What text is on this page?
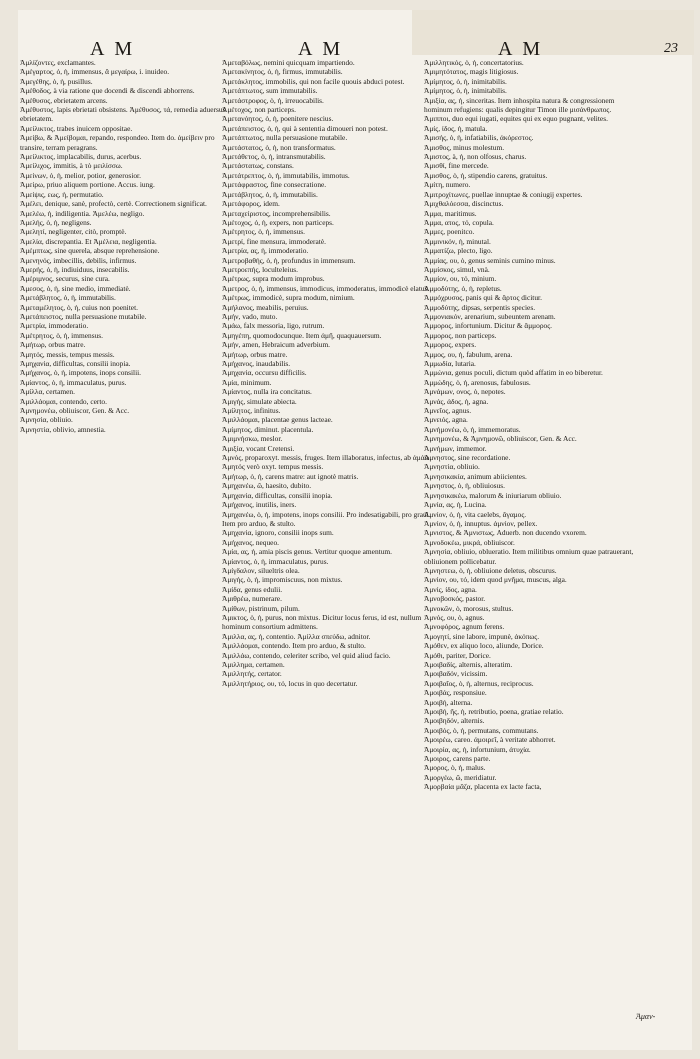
A M	A M	A M	23

Ἀμλίζοντες, exclamantes.

Ἀμέγαρτος, ὁ, ἡ, immensus, ἃ μεγαίρω, i. inuideo.

Ἀμεγέθης, ὁ, ἡ, pusillus.

Ἀμέθοδος, à via ratione que docendi & discendi abhorrens.

Ἀμέθυσος, ebrietatem arcens.

Ἀμέθυστος, lapis ebrietati obsistens. Ἀμέθυσος, τά, remedia aduersus ebrietatem.

Ἀμείλικτος, trabes inuicem oppositae.

Ἀμείβω, & Ἀμείβομαι, repando, respondeo. Item do. ἀμείβειν pro transire, terram peragrans.

Ἀμείλικτος, implacabilis, durus, acerbus.

Ἀμείλιχος, immitis, à τὸ μειλίσσω.

Ἀμείνων, ὁ, ἡ, melior, potior, generosior.

Ἀμείρω, priuo aliquem portione. Accus. iung.

Ἀμείψις, εως, ἡ, permutatio.

Ἀμέλει, denique, sanè, profectò, certè. Correctionem significat.

Ἀμελέω, ἡ, indiligentia. Ἀμελέω, negligo.

Ἀμελής, ὁ, ἡ, negligens.

Ἀμελητί, negligenter, citò, promptè.

Ἀμελία, discrepantia. Et Ἀμέλεια, negligentia.

Ἀμέμπτως, sine querela, absque reprehensione.

Ἀμενηνός, imbecillis, debilis, infirmus.

Ἀμερής, ὁ, ἡ, indiuiduus, insecabilis.

Ἀμέριμνος, securus, sine cura.

Ἀμεσος, ὁ, ἡ, sine medio, immediatè.

Ἀμετάβλητος, ὁ, ἡ, immutabilis.

Ἀμεταμέλητος, ὁ, ἡ, cuius non poenitet.

Ἀμετάπειστος, nulla persuasione mutabile.

Ἀμετρία, immoderatio.

Ἀμέτρητος, ὁ, ἡ, immensus.

Ἀμήτωρ, orbus matre.

Ἀμητός, messis, tempus messis.

Ἀμηχανία, difficultas, consilii inopia.

Ἀμήχανος, ὁ, ἡ, impotens, inops consilii.

Ἀμίαντος, ὁ, ἡ, immaculatus, purus.

Ἀμίλλα, certamen.

Ἀμιλλάομαι, contendo, certo.

Ἀμνημονέω, obliuiscor, Gen. & Acc.

Ἀμνησία, obliuio.

Ἀμνηστία, oblivio, amnestia.

Ἀμεταβόλως, nemini quicquam impartiendo.

Ἀμετακίνητος, ὁ, ἡ, firmus, immutabilis.

Ἀμετάκλητος, immobilis, qui non facile quouis abduci potest.

Ἀμετάπτωτος, sum immutabilis.

Ἀμετάστροφος, ὁ, ἡ, irreuocabilis.

Ἀμέτοχος, non particeps.

Ἀμετανόητος, ὁ, ἡ, poenitere nescius.

Ἀμετάπειστος, ὁ, ἡ, qui à sententia dimoueri non potest.

Ἀμετάπτωτος, nulla persuasione mutabile.

Ἀμετάστατος, ὁ, ἡ, non transformatus.

Ἀμετάθετος, ὁ, ἡ, intransmutabilis.

Ἀμετάστατως, constans.

Ἀμετάτρεπτος, ὁ, ἡ, immutabilis, immotus.

Ἀμετάφραστος, fine consecratione.

Ἀμετάβλητος, ὁ, ἡ, immutabilis.

Ἀμετάφορος, idem.

Ἀμεταχείριστος, incomprehensibilis.

Ἀμέτοχος, ὁ, ἡ, expers, non particeps.

Ἀμέτρητος, ὁ, ἡ, immensus.

Ἀμετρί, fine mensura, immoderatè.

Ἀμετρία, ας, ἡ, immoderatio.

Ἀμετροβαθής, ὁ, ἡ, profundus in immensum.

Ἀμετροεπής, loculteleius.

Ἀμέτρως, supra modum improbus.

Ἀμετρος, ὁ, ἡ, immensus, immodicus, immoderatus, immodicè elatus.

Ἀμέτρως, immodicè, supra modum, nimium.

Ἀμήλανος, meabilis, peruius.

Ἀμήν, vado, muto.

Ἀμάω, falx messoria, ligo, rutrum.

Ἀμηγέπη, quomodocunque. Item ἀμῆ, quaquauersum.

Ἀμήν, amen, Hebraicum adverbium.

Ἀμήτωρ, orbus matre.

Ἀμήχανος, inaudabilis.

Ἀμηχανία, occursu difficilis.

Ἀμία, minimum.

Ἀμίαντος, nulla ira concitatus.

Ἀμιγής, simulate abiecta.

Ἀμίλητος, infinitus.

Ἀμιλλάομαι, placentae genus lacteae.

Ἀμίμητος, diminut. placentula.

Ἀμιμνήσκω, meslor.

Ἀμιξία, vocant Cretensi.

Ἀμνός, proparoxyt. messis, fruges. Item illaboratus, infectus, ab ἀμάω. Ἀμητός verò oxyt. tempus messis.

Ἀμήτωρ, ὁ, ἡ, carens matre: aut ignotè matris.

Ἀμηχανέω, ῶ, haesito, dubito.

Ἀμηχανία, difficultas, consilii inopia.

Ἀμήχανος, inutilis, iners.

Ἀμηχανέω, ὁ, ἡ, impotens, inops consilii. Pro indesatigabili, pro graui. Item pro arduo, & stulto.

Ἀμηχανία, ignoro, consilii inops sum.

Ἀμήχανος, nequeo.

Ἀμία, ας, ἡ, amia piscis genus. Vertitur quoque amentum.

Ἀμίαντος, ὁ, ἡ, immaculatus, purus.

Ἀμίγδαλον, silueltris olea.

Ἀμιγής, ὁ, ἡ, impromiscuus, non mixtus.

Ἀμίδα, genus edulii.

Ἀμιθρέω, numerare.

Ἀμίθων, pistrinum, pilum.

Ἀμικτος, ὁ, ἡ, purus, non mixtus. Dicitur locus ferus, id est, nullum hominum consortium admittens.

Ἀμιλλα, ας, ἡ, contentio. Ἀμίλλα σπεύδω, adnitor.

Ἀμιλλάομαι, contendo. Item pro arduo, & stulto.

Ἀμιλλάω, contendo, celeriter scribo, vel quid aliud facio.

Ἀμιλλημα, certamen.

Ἀμιλλητής, certator.

Ἀμιλλητήριος, ου, τό, locus in quo decertatur.

Ἀμιλλητικός, ὁ, ἡ, concertatorius.

Ἀμιμητότατος, magis litigiosus.

Ἀμίμητος, ὁ, ἡ, inimitabilis.

Ἀμίμητος, ὁ, ἡ, inimitabilis.

Ἀμιξία, ας, ἡ, sinceritas. Item inhospita natura & congressionem hominum refugiens: qualis depingitur Timon ille μισάνθρωπος.

Ἀμιπποι, duo equi iugati, equites qui ex equo pugnant, velites.

Ἀμίς, ίδος, ἡ, matula.

Ἀμισής, ὁ, ἡ, infatiabilis, ἀκόρεστος.

Ἀμισθος, minus molestum.

Ἀμιστος, à, ἡ, non olfosus, charus.

Ἀμισθί, fine mercede.

Ἀμισθος, ὁ, ἡ, stipendio carens, gratuitus.

Ἀμίτη, numero.

Ἀμιτροχίτωνες, puellae innuptae & coniugij expertes.

Ἀμιχθαλόεσσα, discinctus.

Ἀμμα, maritimus.

Ἀμμα, ατος, τό, copula.

Ἀμμες, poenitco.

Ἀμμινικόν, ἡ, minutal.

Ἀμματίζω, plecto, ligo.

Ἀμμίας, ου, ὁ, genus seminis cumino minus.

Ἀμμίσκος, simul, vnà.

Ἀμμίον, ου, τό, minium.

Ἀμμοδύτης, ὁ, ἡ, repletus.

Ἀμμόχρυσος, panis qui & ἄρτος dicitur.

Ἀμμοδύτης, dipsas, serpentis species.

Ἀμμονιακόν, arenarium, subeuntem arenam.

Ἀμμορος, infortunium. Dicitur & ἄμμορος.

Ἀμμορος, non particeps.

Ἀμμορος, expers.

Ἀμμος, ου, ἡ, fabulum, arena.

Ἀμμωδία, lutaria.

Ἀμμώνια, genus poculi, dictum quòd affatim in eo biberetur.

Ἀμμώδης, ὁ, ἡ, arenosus, fabulosus.

Ἀμνάμων, ονος, ὁ, nepotes.

Ἀμνάς, άδος, ἡ, agna.

Ἀμνεῖος, agnus.

Ἀμνειός, agna.

Ἀμνήμονέω, ὁ, ἡ, immemoratus.

Ἀμνημονέω, & Ἀμνημονῶ, obliuiscor, Gen. & Acc.

Ἀμνήμων, immemor.

Ἀμνηστος, sine recordatione.

Ἀμνηστία, obliuio.

Ἀμνησικακία, animum abiicientes.

Ἀμνηστος, ὁ, ἡ, obliuiosus.

Ἀμνησικακέω, malorum & iniuriarum obliuio.

Ἀμνία, ας, ἡ, Lucina.

Ἀμνίον, ὁ, ἡ, vita caelebs, ἄγαμος.

Ἀμνίον, ὁ, ἡ, innuptus. ἀμνίον, pellex.

Ἀμνιστος, & Ἀμνιστως, Aduerb. non ducendo vxorem.

Ἀμνοδοκέω, μικρά, obliuiscor.

Ἀμνησία, obliuio, oblueratio. Item militibus omnium quae patrauerant, obliuionem pollicebatur.

Ἀμνηστεω, ὁ, ἡ, obliuione deletus, obscurus.

Ἀμνίον, ου, τό, idem quod μνῆμα, muscus, alga.

Ἀμνίς, ίδος, agna.

Ἀμνοβοσκός, pastor.

Ἀμνοκῶν, ὁ, morosus, stultus.

Ἀμνός, ου, ὁ, agnus.

Ἀμνοφόρος, agnum ferens.

Ἀμογητί, sine labore, impunè, ἀκόπως.

Ἀμόθεν, ex aliquo loco, aliunde, Dorice.

Ἀμόθι, pariter, Dorice.

Ἀμοιβαδίς, alternis, alteratim.

Ἀμοιβαδόν, vicissim.

Ἀμοιβαῖος, ὁ, ἡ, alternus, reciprocus.

Ἀμοιβάς, responsiue.

Ἀμοιβή, alterna.

Ἀμοιβή, ῆς, ἡ, retributio, poena, gratiae relatio.

Ἀμοιβηδόν, alternis.

Ἀμοιβός, ὁ, ἡ, permutans, commutans.

Ἀμοιρέω, careo. ἀμοιρεῖ, à veritate abhorret.

Ἀμοιρία, ας, ἡ, infortunium, ἀτυχία.

Ἀμοιρος, carens parte.

Ἀμορος, ὁ, ἡ, malus.

Ἀμοργέω, ῶ, meridiatur.

Ἀμορβαία μᾶζα, placenta ex lacte facta,

Ἀμαν-
